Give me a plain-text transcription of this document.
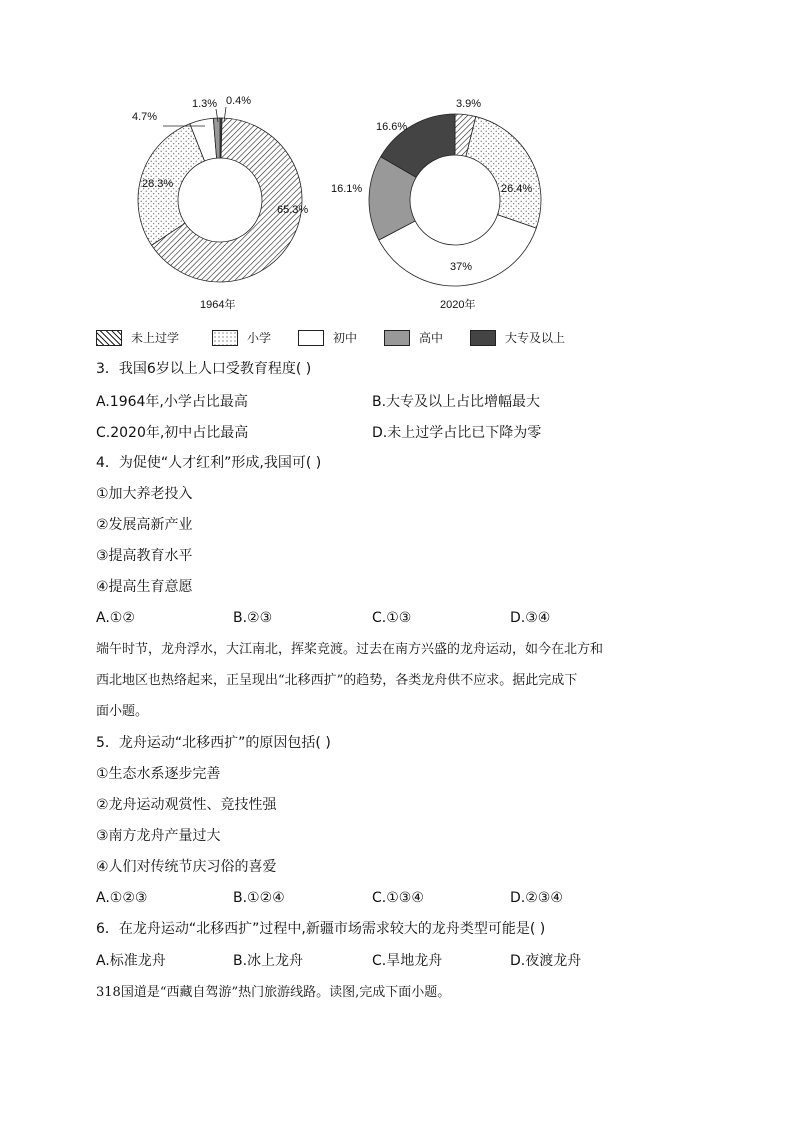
65.3%
28.3%
4.7%
1.3% 0.4%
1964年
3.9%
26.4%
37%
16.1%
16.6%
2020年
未上过学	小学	初中	高中	大专及以上
3．我国6岁以上人口受教育程度( )
A.1964年,小学占比最高	B.大专及以上占比增幅最大
C.2020年,初中占比最高	D.未上过学占比已下降为零
4．为促使“人才红利”形成,我国可( )
①加大养老投入
②发展高新产业
③提高教育水平
④提高生育意愿
A.①②	B.②③	C.①③	D.③④
端午时节，龙舟浮水，大江南北，挥桨竞渡。过去在南方兴盛的龙舟运动，如今在北方和
西北地区也热络起来，正呈现出“北移西扩”的趋势，各类龙舟供不应求。据此完成下
面小题。
5．龙舟运动“北移西扩”的原因包括( )
①生态水系逐步完善
②龙舟运动观赏性、竞技性强
③南方龙舟产量过大
④人们对传统节庆习俗的喜爱
A.①②③	B.①②④	C.①③④	D.②③④
6．在龙舟运动“北移西扩”过程中,新疆市场需求较大的龙舟类型可能是( )
A.标准龙舟	B.冰上龙舟	C.旱地龙舟	D.夜渡龙舟
318国道是“西藏自驾游”热门旅游线路。读图,完成下面小题。
